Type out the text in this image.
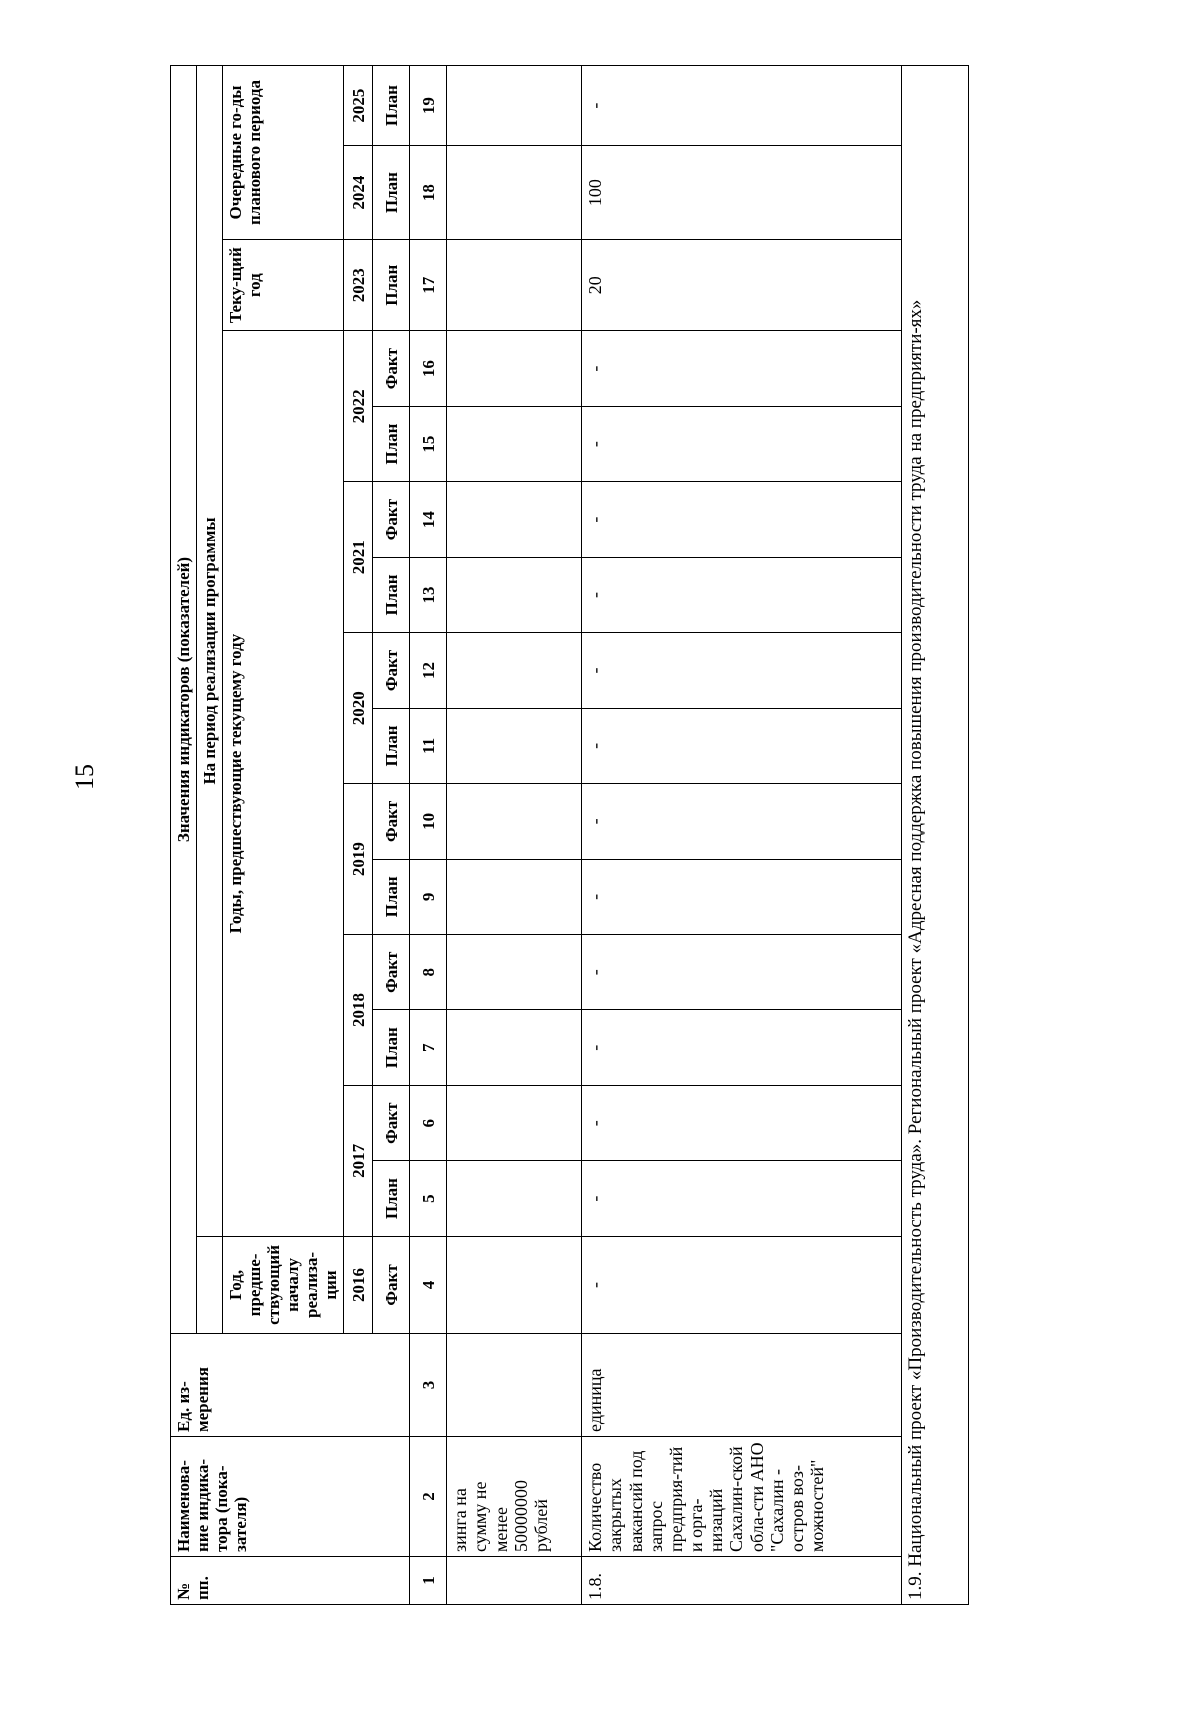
15
№ пп.	Наименова-ние индика-тора (пока-зателя)	Ед. из-мерения	Значения индикаторов (показателей)															
				На период реализации программы														
			Год, предше-ствующий началу реализа-ции	Годы, предшествующие текущему году												Теку-щий год	Очередные го-ды планового периода	
			2016	2017		2018		2019		2020		2021		2022		2023	2024	2025
			Факт	План	Факт	План	Факт	План	Факт	План	Факт	План	Факт	План	Факт	План	План	План
1	2	3	4	5	6	7	8	9	10	11	12	13	14	15	16	17	18	19
	зинга на сумму не менее 50000000 рублей																	
1.8.	Количество закрытых вакансий под запрос предприя-тий и орга-низаций Сахалин-ской обла-сти АНО "Сахалин - остров воз-можностей"	единица	-	-	-	-	-	-	-	-	-	-	-	-	-	20	100	-
1.9. Национальный проект «Производительность труда». Региональный проект «Адресная поддержка повышения производительности труда на предприяти-ях»																		
